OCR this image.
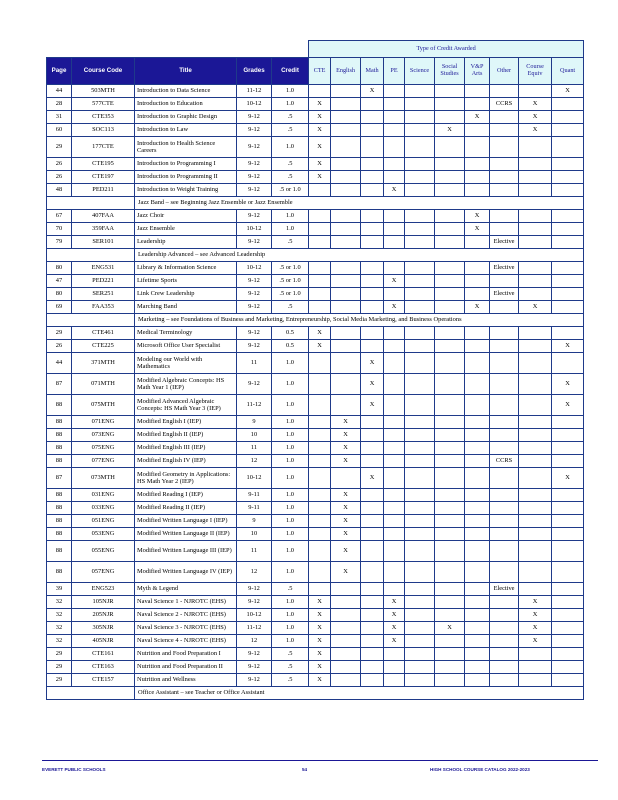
					Type of Credit Awarded									
Page	Course Code	Title	Grades	Credit	CTE	English	Math	PE	Science	Social Studies	V&P Arts	Other	Course Equiv	Quant
44	503MTH	Introduction to Data Science	11-12	1.0			X							X
28	577CTE	Introduction to Education	10-12	1.0	X							CCRS	X	
31	CTE353	Introduction to Graphic Design	9-12	.5	X						X		X	
60	SOC113	Introduction to Law	9-12	.5	X					X			X	
29	177CTE	Introduction to Health Science Careers	9-12	1.0	X									
26	CTE195	Introduction to Programming I	9-12	.5	X									
26	CTE197	Introduction to Programming II	9-12	.5	X									
48	PED211	Introduction to Weight Training	9-12	.5 or 1.0				X						
		Jazz Band – see Beginning Jazz Ensemble or Jazz Ensemble												
67	407FAA	Jazz Choir	9-12	1.0							X			
70	359FAA	Jazz Ensemble	10-12	1.0							X			
79	SER101	Leadership	9-12	.5								Elective		
		Leadership Advanced – see Advanced Leadership												
80	ENG531	Library & Information Science	10-12	.5 or 1.0								Elective		
47	PED221	Lifetime Sports	9-12	.5 or 1.0				X						
80	SER251	Link Crew Leadership	9-12	.5 or 1.0								Elective		
69	FAA353	Marching Band	9-12	.5				X			X		X	
		Marketing – see Foundations of Business and Marketing, Entrepreneurship, Social Media Marketing, and Business Operations												
29	CTE461	Medical Terminology	9-12	0.5	X									
26	CTE225	Microsoft Office User Specialist	9-12	0.5	X									X
44	371MTH	Modeling our World with Mathematics	11	1.0			X							
87	071MTH	Modified Algebraic Concepts: HS Math Year 1 (IEP)	9-12	1.0			X							X
88	075MTH	Modified Advanced Algebraic Concepts: HS Math Year 3 (IEP)	11-12	1.0			X							X
88	071ENG	Modified English I (IEP)	9	1.0		X								
88	073ENG	Modified English II (IEP)	10	1.0		X								
88	075ENG	Modified English III (IEP)	11	1.0		X								
88	077ENG	Modified English IV (IEP)	12	1.0		X						CCRS		
87	073MTH	Modified Geometry in Applications: HS Math Year 2 (IEP)	10-12	1.0			X							X
88	031ENG	Modified Reading I (IEP)	9-11	1.0		X								
88	033ENG	Modified Reading II (IEP)	9-11	1.0		X								
88	051ENG	Modified Written Language I (IEP)	9	1.0		X								
88	053ENG	Modified Written Language II (IEP)	10	1.0		X								
88	055ENG	Modified Written Language III (IEP)	11	1.0		X								
88	057ENG	Modified Written Language IV (IEP)	12	1.0		X								
39	ENG523	Myth & Legend	9-12	.5								Elective		
32	105NJR	Naval Science 1 - NJROTC (EHS)	9-12	1.0	X			X					X	
32	205NJR	Naval Science 2 - NJROTC (EHS)	10-12	1.0	X			X					X	
32	305NJR	Naval Science 3 - NJROTC (EHS)	11-12	1.0	X			X		X			X	
32	405NJR	Naval Science 4 - NJROTC (EHS)	12	1.0	X			X					X	
29	CTE161	Nutrition and Food Preparation I	9-12	.5	X									
29	CTE163	Nutrition and Food Preparation II	9-12	.5	X									
29	CTE157	Nutrition and Wellness	9-12	.5	X									
		Office Assistant – see Teacher or Office Assistant												
EVERETT PUBLIC SCHOOLS	54	HIGH SCHOOL COURSE CATALOG 2022-2023
